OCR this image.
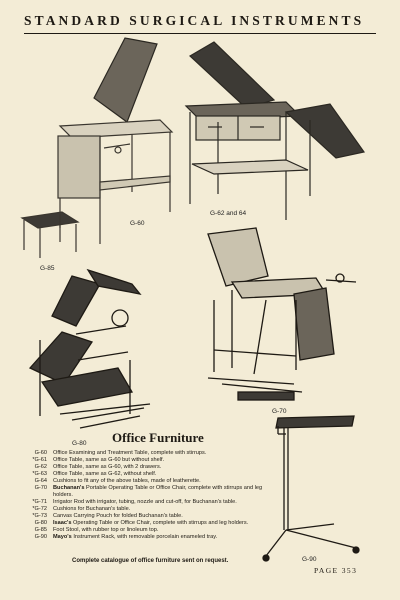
STANDARD SURGICAL INSTRUMENTS
G-60
G-85
G-62 and 64
G-80
G-70
G-90
Office Furniture
G-60	Office Examining and Treatment Table, complete with stirrups.
*G-61	Office Table, same as G-60 but without shelf.
G-62	Office Table, same as G-60, with 2 drawers.
*G-63	Office Table, same as G-62, without shelf.
G-64	Cushions to fit any of the above tables, made of leatherette.
G-70	Buchanan's Portable Operating Table or Office Chair, complete with stirrups and leg holders.
*G-71	Irrigator Rod with irrigator, tubing, nozzle and cut-off, for Buchanan's table.
*G-72	Cushions for Buchanan's table.
*G-73	Canvas Carrying Pouch for folded Buchanan's table.
G-80	Isaac's Operating Table or Office Chair, complete with stirrups and leg holders.
G-85	Foot Stool, with rubber top or linoleum top.
G-90	Mayo's Instrument Rack, with removable porcelain enameled tray.
Complete catalogue of office furniture sent on request.
PAGE 353
